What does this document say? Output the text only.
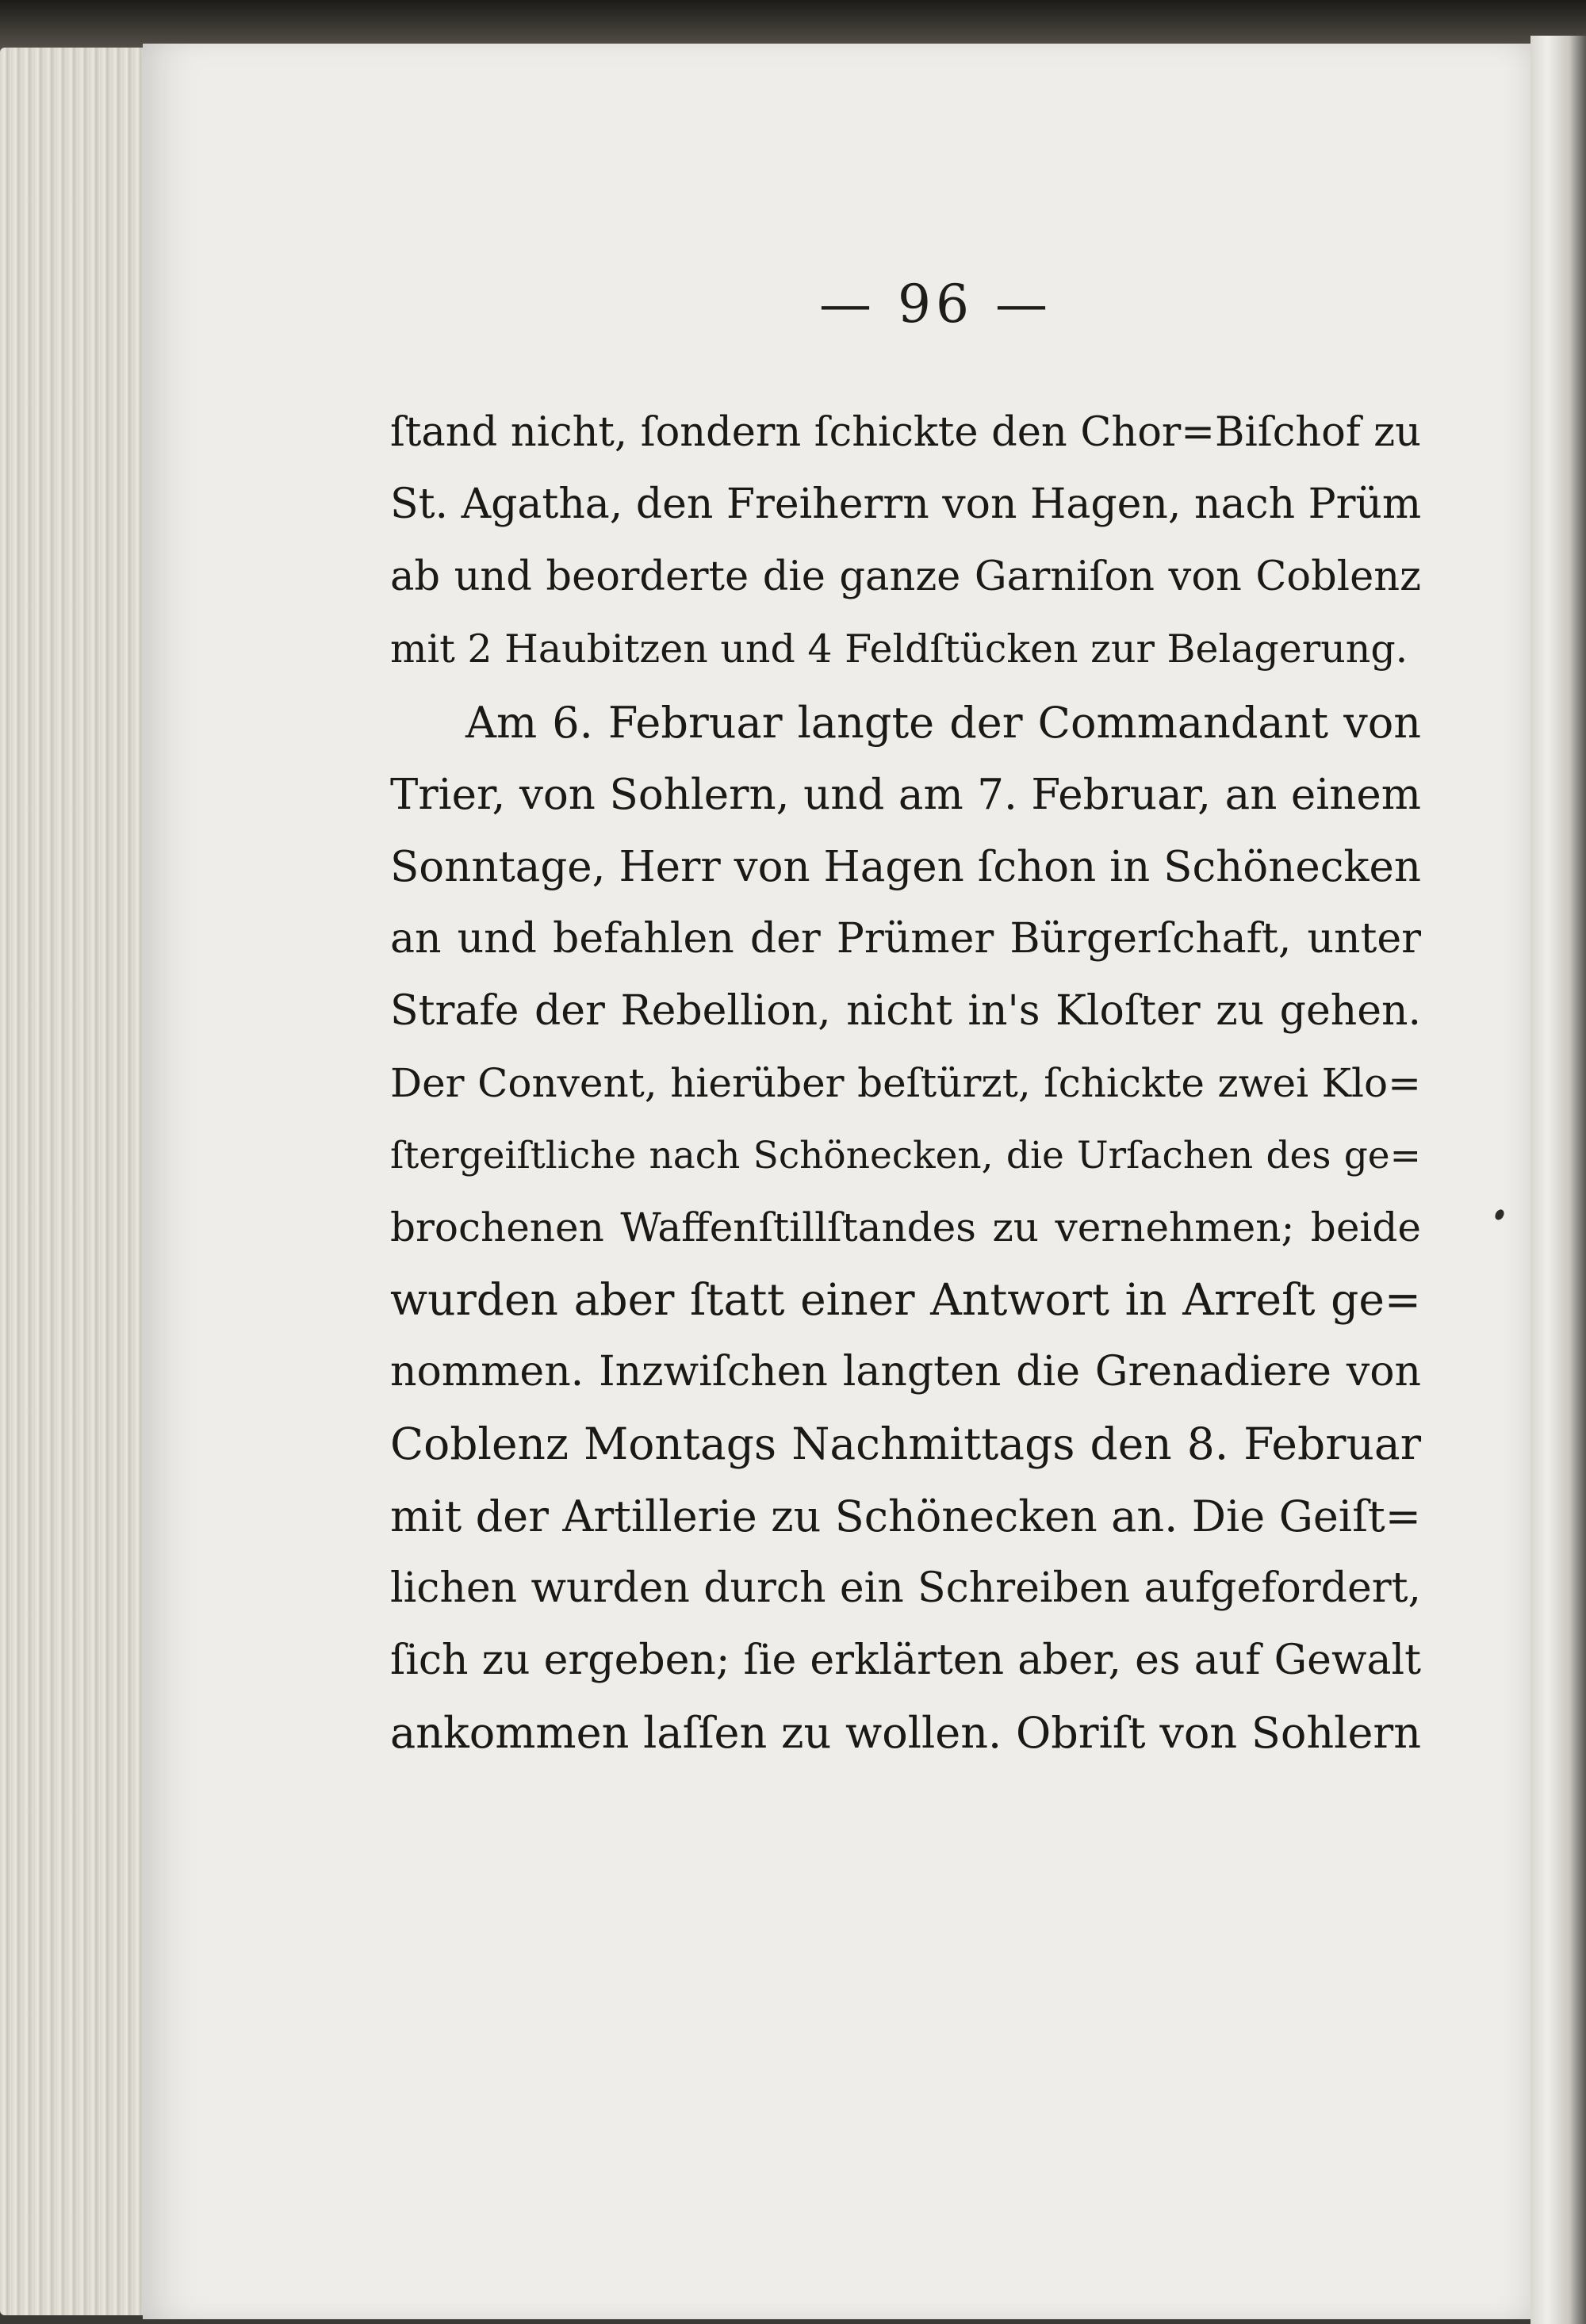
— 96 —
ſtand nicht, ſondern ſchickte den Chor=Biſchof zu
St. Agatha, den Freiherrn von Hagen, nach Prüm
ab und beorderte die ganze Garniſon von Coblenz
mit 2 Haubitzen und 4 Feldſtücken zur Belagerung.
Am 6. Februar langte der Commandant von
Trier, von Sohlern, und am 7. Februar, an einem
Sonntage, Herr von Hagen ſchon in Schönecken
an und befahlen der Prümer Bürgerſchaft, unter
Strafe der Rebellion, nicht in's Kloſter zu gehen.
Der Convent, hierüber beſtürzt, ſchickte zwei Klo=
ſtergeiſtliche nach Schönecken, die Urſachen des ge=
brochenen Waffenſtillſtandes zu vernehmen; beide
wurden aber ſtatt einer Antwort in Arreſt ge=
nommen. Inzwiſchen langten die Grenadiere von
Coblenz Montags Nachmittags den 8. Februar
mit der Artillerie zu Schönecken an. Die Geiſt=
lichen wurden durch ein Schreiben aufgefordert,
ſich zu ergeben; ſie erklärten aber, es auf Gewalt
ankommen laſſen zu wollen. Obriſt von Sohlern
